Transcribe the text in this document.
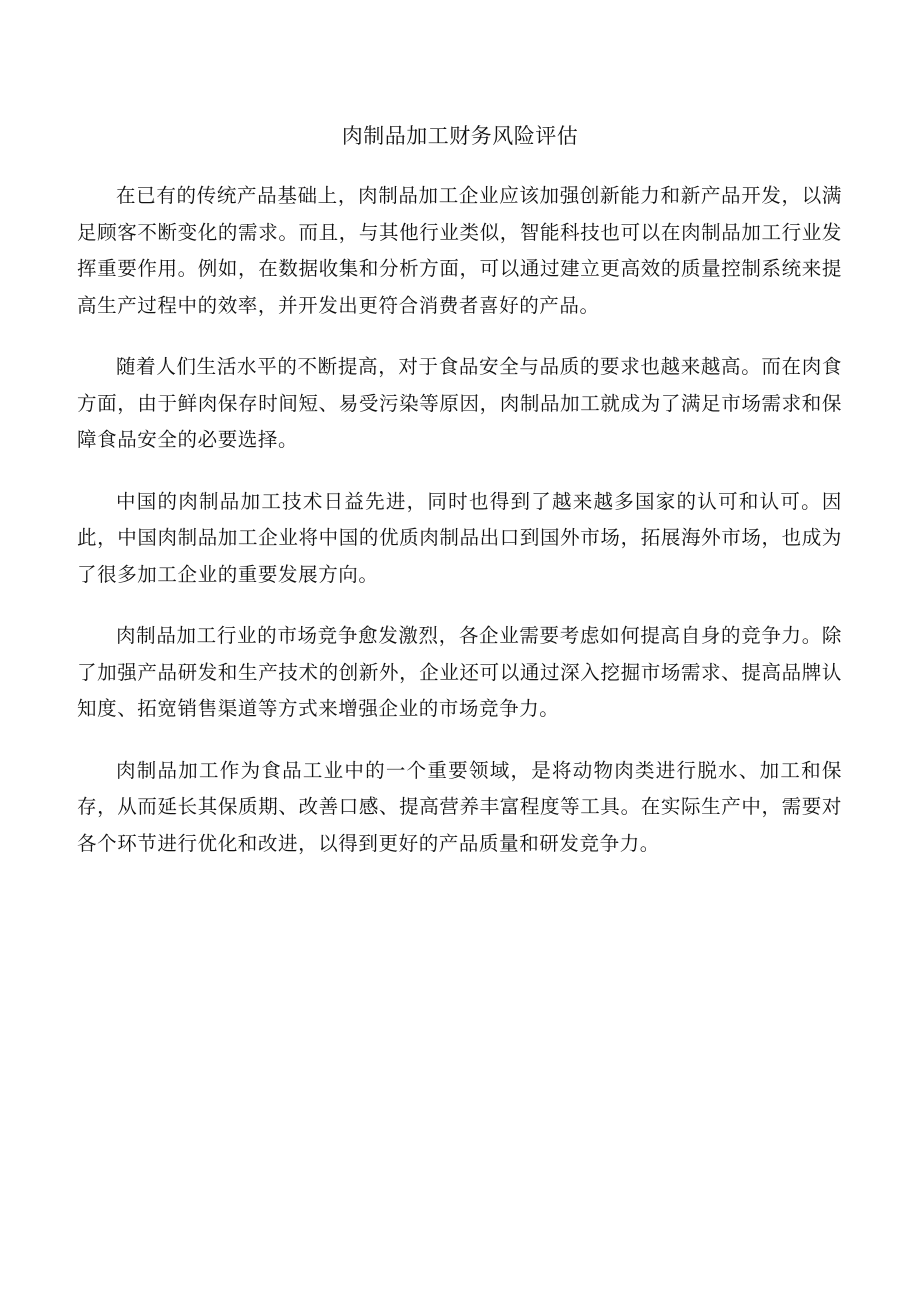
肉制品加工财务风险评估

在已有的传统产品基础上，肉制品加工企业应该加强创新能力和新产品开发，以满足顾客不断变化的需求。而且，与其他行业类似，智能科技也可以在肉制品加工行业发挥重要作用。例如，在数据收集和分析方面，可以通过建立更高效的质量控制系统来提高生产过程中的效率，并开发出更符合消费者喜好的产品。

随着人们生活水平的不断提高，对于食品安全与品质的要求也越来越高。而在肉食方面，由于鲜肉保存时间短、易受污染等原因，肉制品加工就成为了满足市场需求和保障食品安全的必要选择。

中国的肉制品加工技术日益先进，同时也得到了越来越多国家的认可和认可。因此，中国肉制品加工企业将中国的优质肉制品出口到国外市场，拓展海外市场，也成为了很多加工企业的重要发展方向。

肉制品加工行业的市场竞争愈发激烈，各企业需要考虑如何提高自身的竞争力。除了加强产品研发和生产技术的创新外，企业还可以通过深入挖掘市场需求、提高品牌认知度、拓宽销售渠道等方式来增强企业的市场竞争力。

肉制品加工作为食品工业中的一个重要领域，是将动物肉类进行脱水、加工和保存，从而延长其保质期、改善口感、提高营养丰富程度等工具。在实际生产中，需要对各个环节进行优化和改进，以得到更好的产品质量和研发竞争力。
